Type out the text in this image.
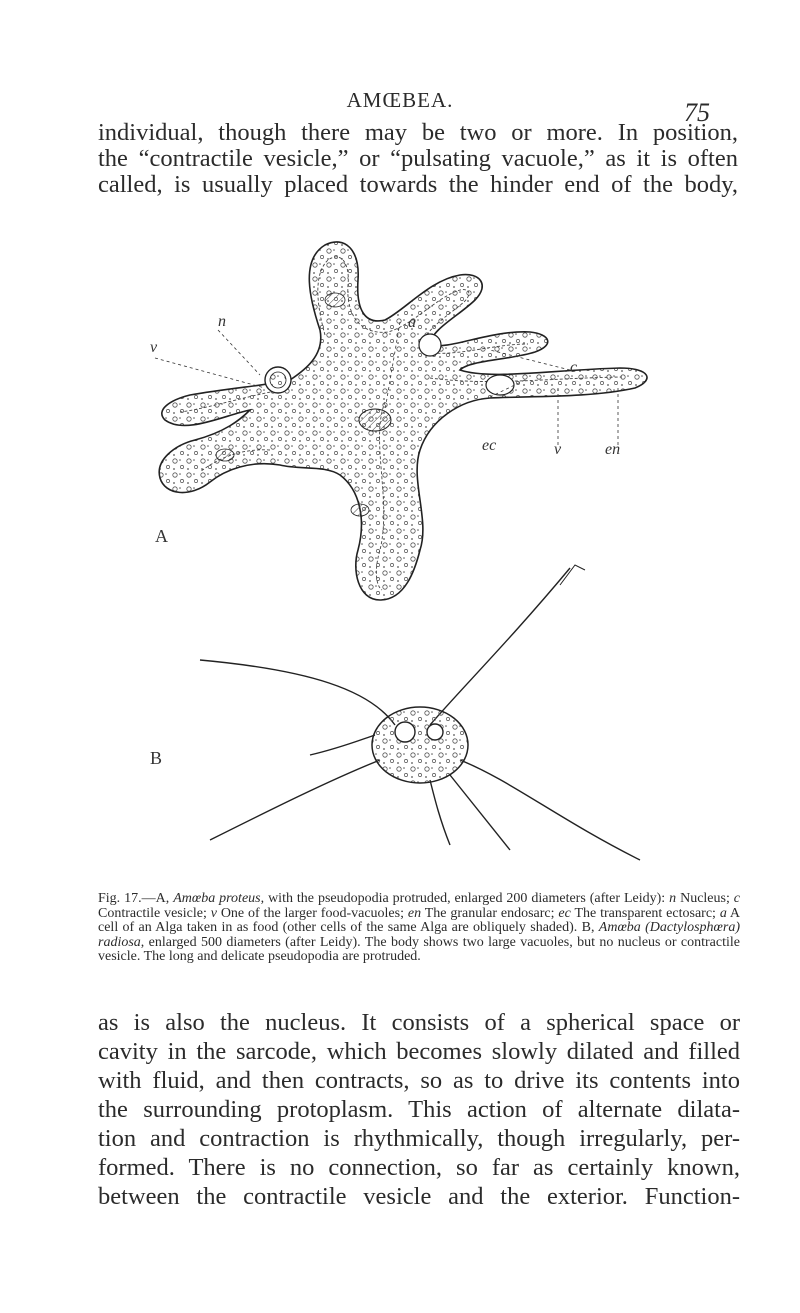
AMŒBEA.	75
individual, though there may be two or more. In position,
the “contractile vesicle,” or “pulsating vacuole,” as it is often
called, is usually placed towards the hinder end of the body,
a
n
c
v
ec	v	en
A
B
Fig. 17.—A, Amœba proteus, with the pseudopodia protruded, enlarged 200 diameters (after Leidy): n Nucleus; c Contractile vesicle; v One of the larger food-vacuoles; en The granular endosarc; ec The transparent ectosarc; a A cell of an Alga taken in as food (other cells of the same Alga are obliquely shaded). B, Amœba (Dactylosphœra) radiosa, enlarged 500 diameters (after Leidy). The body shows two large vacuoles, but no nucleus or contractile vesicle. The long and delicate pseudopodia are protruded.
as is also the nucleus. It consists of a spherical space or
cavity in the sarcode, which becomes slowly dilated and filled
with fluid, and then contracts, so as to drive its contents into
the surrounding protoplasm. This action of alternate dilata-
tion and contraction is rhythmically, though irregularly, per-
formed. There is no connection, so far as certainly known,
between the contractile vesicle and the exterior. Function-
